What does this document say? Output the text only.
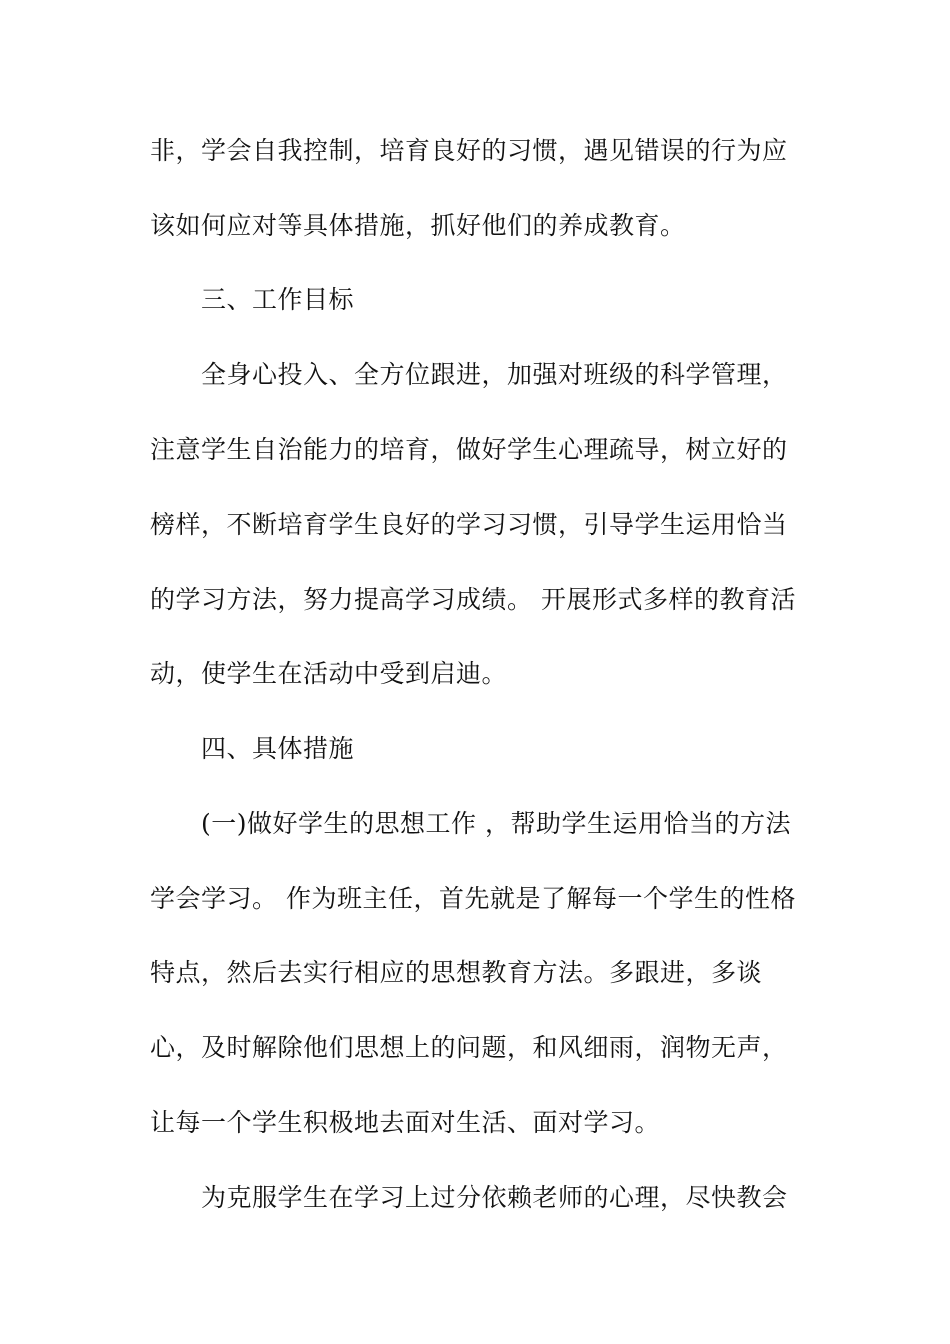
非，学会自我控制，培育良好的习惯，遇见错误的行为应
该如何应对等具体措施，抓好他们的养成教育。
三、工作目标
全身心投入、全方位跟进，加强对班级的科学管理，
注意学生自治能力的培育，做好学生心理疏导，树立好的
榜样，不断培育学生良好的学习习惯，引导学生运用恰当
的学习方法，努力提高学习成绩。 开展形式多样的教育活
动，使学生在活动中受到启迪。
四、具体措施
(一)做好学生的思想工作 ，帮助学生运用恰当的方法
学会学习。 作为班主任，首先就是了解每一个学生的性格
特点，然后去实行相应的思想教育方法。多跟进，多谈
心，及时解除他们思想上的问题，和风细雨，润物无声，
让每一个学生积极地去面对生活、面对学习。
为克服学生在学习上过分依赖老师的心理，尽快教会
